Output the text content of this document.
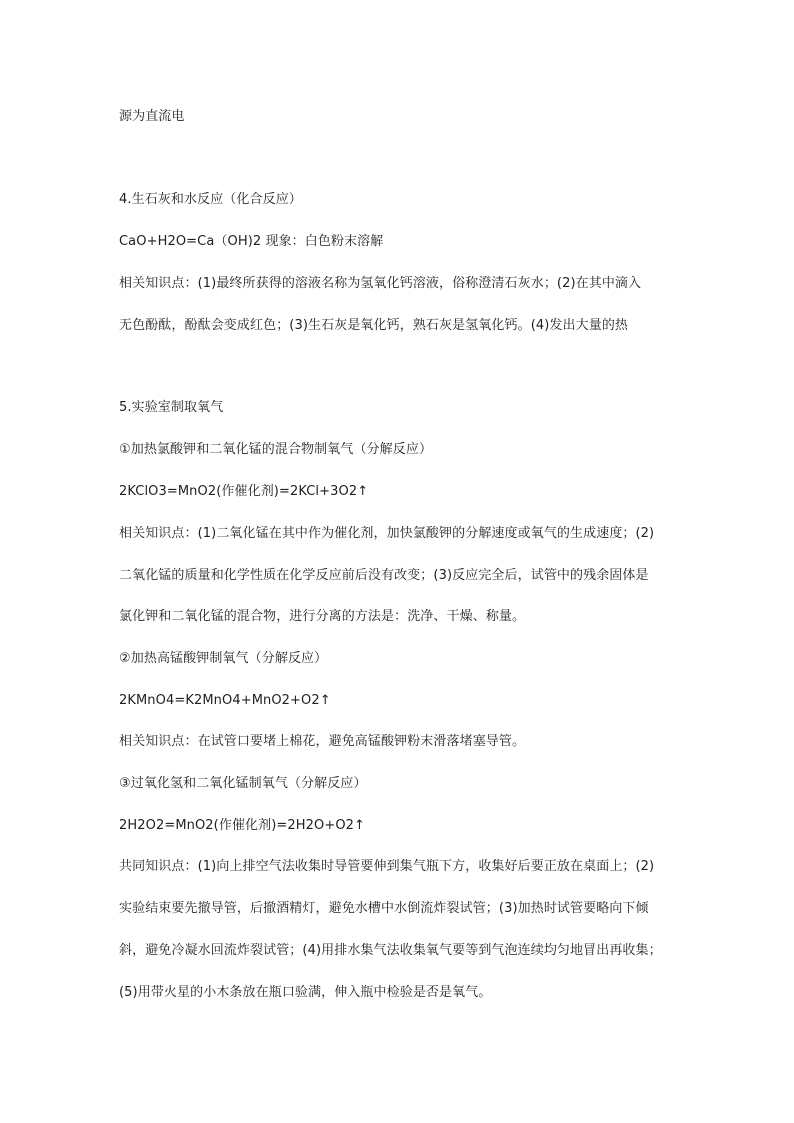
源为直流电
4.生石灰和水反应（化合反应）
CaO+H2O=Ca（OH)2 现象：白色粉末溶解
相关知识点：(1)最终所获得的溶液名称为氢氧化钙溶液，俗称澄清石灰水；(2)在其中滴入
无色酚酞，酚酞会变成红色；(3)生石灰是氧化钙，熟石灰是氢氧化钙。(4)发出大量的热
5.实验室制取氧气
①加热氯酸钾和二氧化锰的混合物制氧气（分解反应）
2KClO3=MnO2(作催化剂)=2KCl+3O2↑
相关知识点：(1)二氧化锰在其中作为催化剂，加快氯酸钾的分解速度或氧气的生成速度；(2)
二氧化锰的质量和化学性质在化学反应前后没有改变；(3)反应完全后，试管中的残余固体是
氯化钾和二氧化锰的混合物，进行分离的方法是：洗净、干燥、称量。
②加热高锰酸钾制氧气（分解反应）
2KMnO4=K2MnO4+MnO2+O2↑
相关知识点：在试管口要堵上棉花，避免高锰酸钾粉末滑落堵塞导管。
③过氧化氢和二氧化锰制氧气（分解反应）
2H2O2=MnO2(作催化剂)=2H2O+O2↑
共同知识点：(1)向上排空气法收集时导管要伸到集气瓶下方，收集好后要正放在桌面上；(2)
实验结束要先撤导管，后撤酒精灯，避免水槽中水倒流炸裂试管；(3)加热时试管要略向下倾
斜，避免冷凝水回流炸裂试管；(4)用排水集气法收集氧气要等到气泡连续均匀地冒出再收集；
(5)用带火星的小木条放在瓶口验满，伸入瓶中检验是否是氧气。
